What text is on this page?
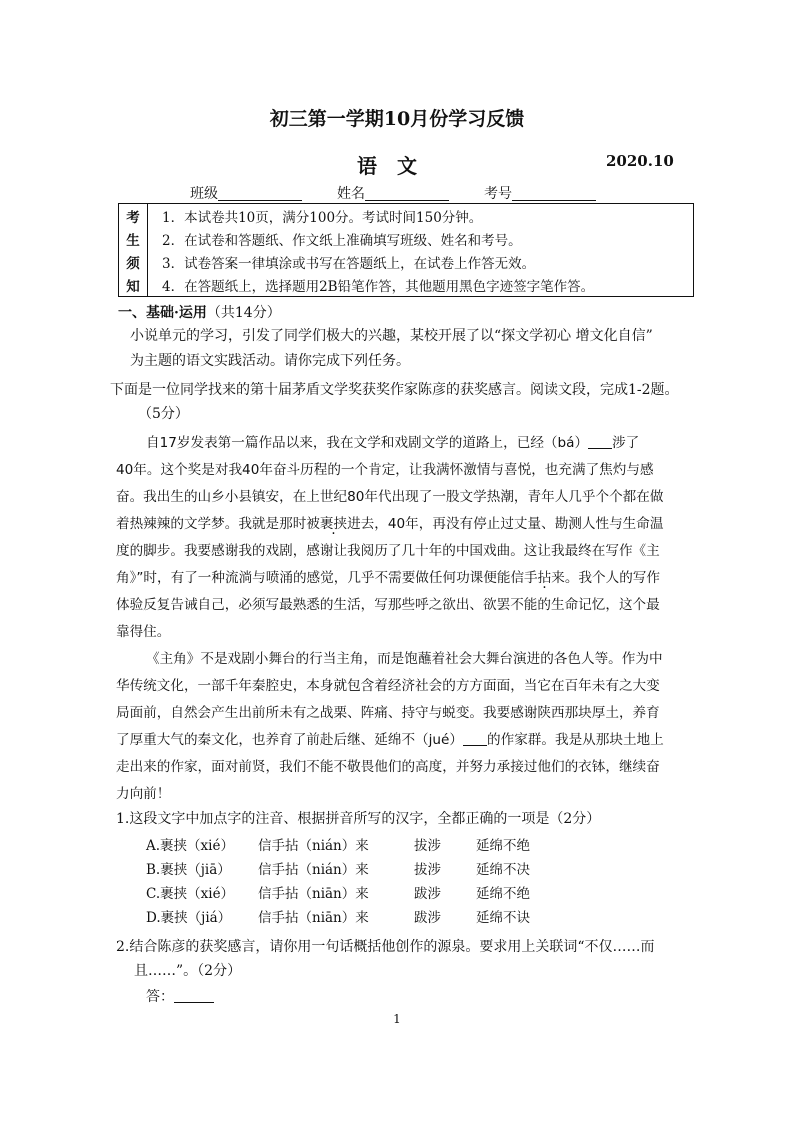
初三第一学期10月份学习反馈
语文	2020.10
班级	姓名	考号
考	1．本试卷共10页，满分100分。考试时间150分钟。
生	2．在试卷和答题纸、作文纸上准确填写班级、姓名和考号。
须	3．试卷答案一律填涂或书写在答题纸上，在试卷上作答无效。
知	4．在答题纸上，选择题用2B铅笔作答，其他题用黑色字迹签字笔作答。
一、基础·运用（共14分）
小说单元的学习，引发了同学们极大的兴趣，某校开展了以“探文学初心 增文化自信”
为主题的语文实践活动。请你完成下列任务。
下面是一位同学找来的第十届茅盾文学奖获奖作家陈彦的获奖感言。阅读文段，完成1-2题。
（5分）
自17岁发表第一篇作品以来，我在文学和戏剧文学的道路上，已经（bá） 涉了
40年。这个奖是对我40年奋斗历程的一个肯定，让我满怀激情与喜悦，也充满了焦灼与感
奋。我出生的山乡小县镇安，在上世纪80年代出现了一股文学热潮，青年人几乎个个都在做
着热辣辣的文学梦。我就是那时被裹挟进去，40年，再没有停止过丈量、勘测人性与生命温
度的脚步。我要感谢我的戏剧，感谢让我阅历了几十年的中国戏曲。这让我最终在写作《主
角》”时，有了一种流淌与喷涌的感觉，几乎不需要做任何功课便能信手拈来。我个人的写作
体验反复告诫自己，必须写最熟悉的生活，写那些呼之欲出、欲罢不能的生命记忆，这个最
靠得住。
《主角》不是戏剧小舞台的行当主角，而是饱蘸着社会大舞台演进的各色人等。作为中
华传统文化，一部千年秦腔史，本身就包含着经济社会的方方面面，当它在百年未有之大变
局面前，自然会产生出前所未有之战栗、阵痛、持守与蜕变。我要感谢陕西那块厚土，养育
了厚重大气的秦文化，也养育了前赴后继、延绵不（jué） 的作家群。我是从那块土地上
走出来的作家，面对前贤，我们不能不敬畏他们的高度，并努力承接过他们的衣钵，继续奋
力向前！
1.这段文字中加点字的注音、根据拼音所写的汉字，全都正确的一项是（2分）
A.裹挟（xié） 信手拈（nián）来	拔涉	延绵不绝
B.裹挟（jiā） 信手拈（nián）来	拔涉	延绵不决
C.裹挟（xié） 信手拈（niān）来	跋涉	延绵不绝
D.裹挟（jiá） 信手拈（niān）来	跋涉	延绵不诀
2.结合陈彦的获奖感言，请你用一句话概括他创作的源泉。要求用上关联词“不仅……而
且……”。（2分）
答：
1
